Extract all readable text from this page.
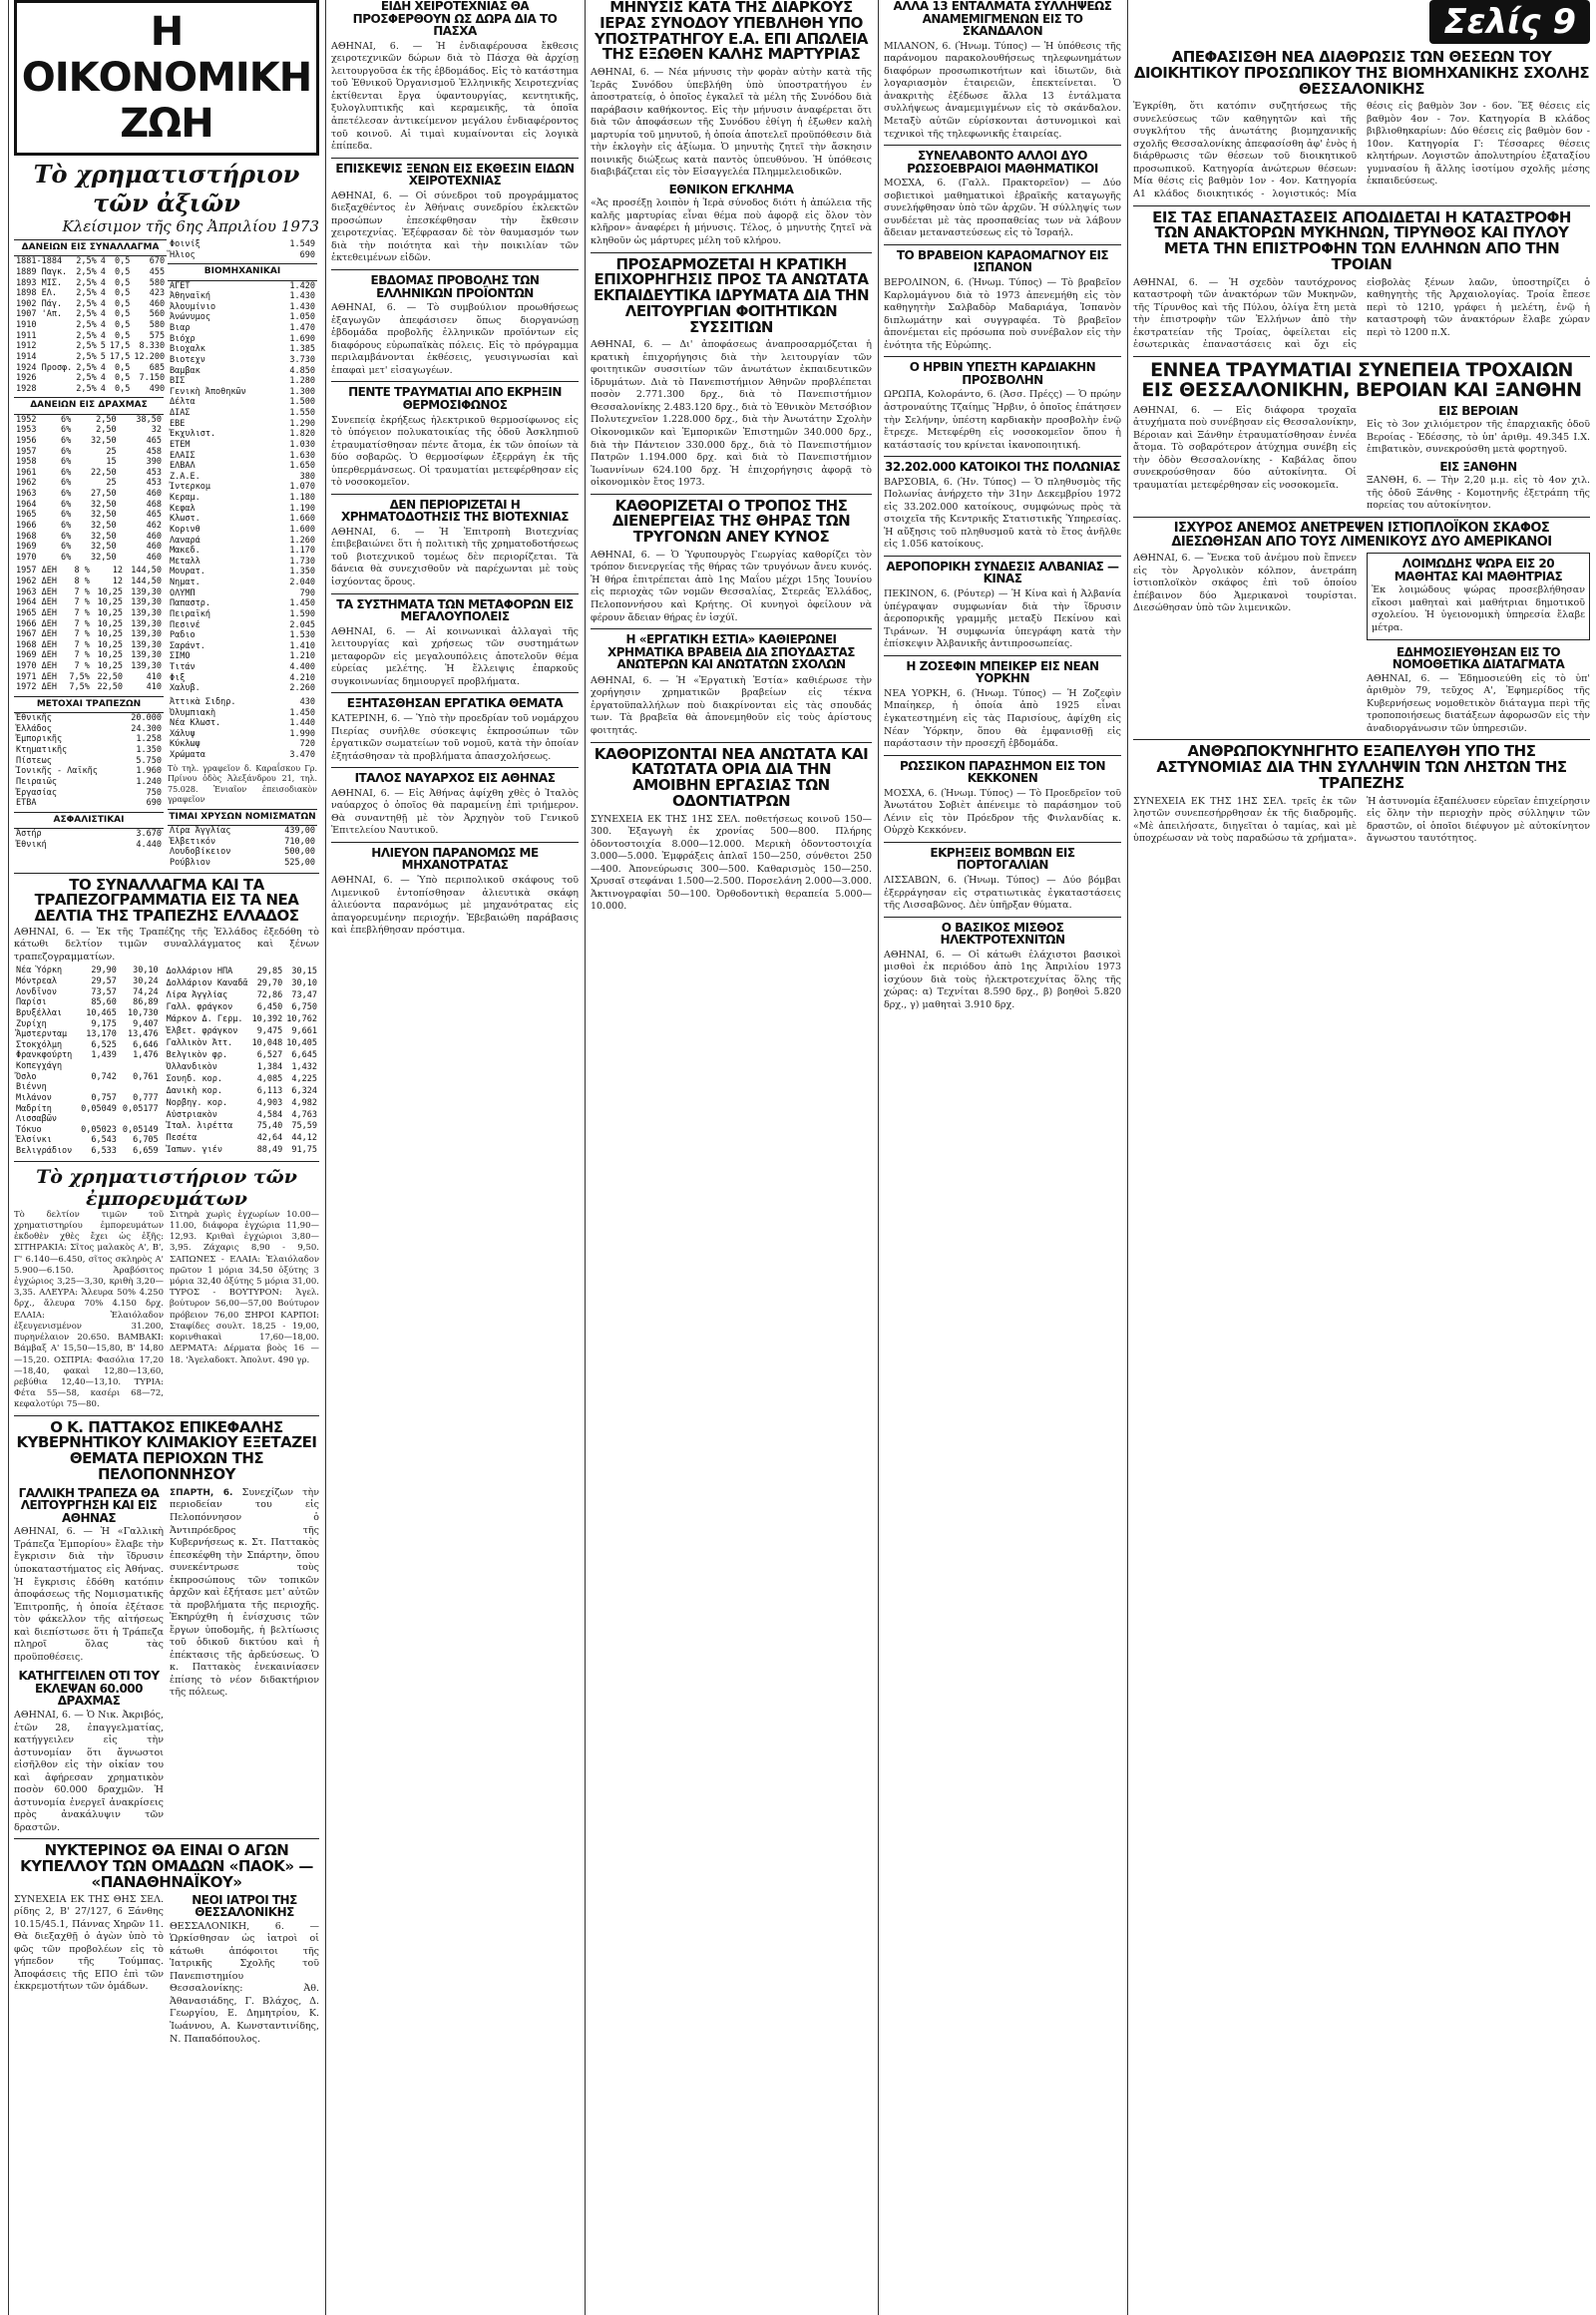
Η ΟΙΚΟΝΟΜΙΚΗ ΖΩΗ
Τὸ χρηματιστήριον τῶν ἀξιῶν
Κλείσιμον τῆς 6ης Ἀπριλίου 1973
ΔΑΝΕΙΩΝ ΕΙΣ ΣΥΝΑΛΛΑΓΜΑ				
1881-1884	2,5%	4	0,5	670
1889 Παγκ.	2,5%	4	0,5	455
1893 ΜΙΣ.	2,5%	4	0,5	580
1898 ΕΛ.	2,5%	4	0,5	423
1902 Πάγ.	2,5%	4	0,5	460
1907 'Απ.	2,5%	4	0,5	560
1910	2,5%	4	0,5	580
1911	2,5%	4	0,5	575
1912	2,5%	5	17,5	8.330
1914	2,5%	5	17,5	12.200
1924 Προσφ.	2,5%	4	0,5	685
1926	2,5%	4	0,5	7.150
1928	2,5%	4	0,5	490
ΔΑΝΕΙΩΝ ΕΙΣ ΔΡΑΧΜΑΣ			
1952	6%	2,50	38,50
1953	6%	2,50	32
1956	6%	32,50	465
1957	6%	25	458
1958	6%	15	390
1961	6%	22,50	453
1962	6%	25	453
1963	6%	27,50	460
1964	6%	32,50	468
1965	6%	32,50	465
1966	6%	32,50	462
1968	6%	32,50	460
1969	6%	32,50	460
1970	6%	32,50	460
1957 ΔΕΗ	8 %	12	144,50
1962 ΔΕΗ	8 %	12	144,50
1963 ΔΕΗ	7 %	10,25	139,30
1964 ΔΕΗ	7 %	10,25	139,30
1965 ΔΕΗ	7 %	10,25	139,30
1966 ΔΕΗ	7 %	10,25	139,30
1967 ΔΕΗ	7 %	10,25	139,30
1968 ΔΕΗ	7 %	10,25	139,30
1969 ΔΕΗ	7 %	10,25	139,30
1970 ΔΕΗ	7 %	10,25	139,30
1971 ΔΕΗ	7,5%	22,50	410
1972 ΔΕΗ	7,5%	22,50	410
ΜΕΤΟΧΑΙ ΤΡΑΠΕΖΩΝ	
Ἐθνικῆς	20.000
Ἑλλάδος	24.300
Ἐμπορικῆς	1.258
Κτηματικῆς	1.350
Πίστεως	5.750
Ἰονικῆς - Λαϊκῆς	1.960
Πειραιῶς	1.240
Ἐργασίας	750
ΕΤΒΑ	690
ΑΣΦΑΛΙΣΤΙΚΑΙ	
Ἀστήρ	3.670
Ἐθνική	4.440
Φοινίξ	1.549
Ἥλιος	690
ΒΙΟΜΗΧΑΝΙΚΑΙ	
ΑΓΕΤ	1.420
Ἀθηναϊκή	1.430
Ἀλουμίνιο	1.430
Ἀνώνυμος	1.050
Βιαρ	1.470
Βιόχρ	1.690
Βιοχαλκ	1.385
Βιοτεχν	3.730
Βαμβακ	4.850
ΒΙΣ	1.280
Γενικὴ Ἀποθηκῶν	1.300
Δέλτα	1.500
ΔΙΑΣ	1.550
ΕΒΕ	1.290
Ἐκχυλιστ.	1.820
ΕΤΕΜ	1.030
ΕΛΑΙΣ	1.630
ΕΛΒΑΛ	1.650
Ζ.Α.Ε.	380
Ἰντερκομ	1.070
Κεραμ.	1.180
Κεφαλ	1.190
Κλωστ.	1.660
Κορινθ	1.600
Λαναρά	1.260
Μακεδ.	1.170
Μεταλλ	1.730
Μουρατ.	1.350
Νηματ.	2.040
ΟΛΥΜΠ	790
Παπαστρ.	1.450
Πειραϊκή	1.590
Πεσινέ	2.045
Ραδιο	1.530
Σαράντ.	1.410
ΣΙΜΟ	1.210
Τιτάν	4.400
Φιξ	4.210
Χαλυβ.	2.260
Ἀττικὰ Σιδηρ.	430
Ὀλυμπιακὴ	1.450
Νέα Κλωστ.	1.440
Χάλυψ	1.990
Κύκλωψ	720
Χρώματα	3.470
Τὸ τηλ. γραφεῖον δ. Καραΐσκου Γρ. Πρίνου ὁδὸς Ἀλεξάνδρου 21, τηλ. 75.028. Ἐνιαῖον ἐπεισοδιακὸν γραφεῖον
ΤΙΜΑΙ ΧΡΥΣΩΝ ΝΟΜΙΣΜΑΤΩΝ	
Λίρα Ἀγγλίας	439,00
Ἑλβετικόν	710,00
Λουδοβίκειον	500,00
Ρούβλιον	525,00
ΤΟ ΣΥΝΑΛΛΑΓΜΑ ΚΑΙ ΤΑ ΤΡΑΠΕΖΟΓΡΑΜΜΑΤΙΑ ΕΙΣ ΤΑ ΝΕΑ ΔΕΛΤΙΑ ΤΗΣ ΤΡΑΠΕΖΗΣ ΕΛΛΑΔΟΣ
ΑΘΗΝΑΙ, 6. — Ἐκ τῆς Τραπέζης τῆς Ἑλλάδος ἐξεδόθη τὸ κάτωθι δελτίον τιμῶν συναλλάγματος καὶ ξένων τραπεζογραμματίων.
Νέα Ὑόρκη	29,90	30,10
Μόντρεαλ	29,57	30,24
Λονδῖνον	73,57	74,24
Παρίσι	85,60	86,89
Βρυξέλλαι	10,465	10,730
Ζυρίχη	9,175	9,407
Ἄμστερνταμ	13,170	13,476
Στοκχόλμη	6,525	6,646
Φρανκφούρτη	1,439	1,476
Κοπεγχάγη		
Ὄσλο	0,742	0,761
Βιέννη		
Μιλάνον	0,757	0,777
Μαδρίτη	0,05049	0,05177
Λισσαβῶν		
Τόκυο	0,05023	0,05149
Ἐλσίνκι	6,543	6,705
Βελιγράδιον	6,533	6,659
Δολλάριον ΗΠΑ	29,85	30,15
Δολλάριον Καναδᾶ	29,70	30,10
Λίρα Ἀγγλίας	72,86	73,47
Γαλλ. φράγκον	6,450	6,750
Μάρκον Δ. Γερμ.	10,392	10,762
Ἑλβετ. φράγκον	9,475	9,661
Γαλλικὸν Ἀττ.	10,048	10,405
Βελγικὸν φρ.	6,527	6,645
Ὀλλανδικὸν	1,384	1,432
Σουηδ. κορ.	4,085	4,225
Δανικὴ κορ.	6,113	6,324
Νορβηγ. κορ.	4,903	4,982
Αὐστριακὸν	4,584	4,763
Ἰταλ. λιρέττα	75,40	75,59
Πεσέτα	42,64	44,12
Ἰαπων. γιέν	88,49	91,75
Τὸ χρηματιστήριον τῶν ἐμπορευμάτων
Τὸ δελτίον τιμῶν τοῦ χρηματιστηρίου ἐμπορευμάτων ἐκδοθὲν χθὲς ἔχει ὡς ἑξῆς: ΣΙΤΗΡΑΚΙΑ: Σῖτος μαλακὸς Α', Β', Γ' 6.140—6.450, σῖτος σκληρὸς Α' 5.900—6.150. Ἀραβόσιτος ἐγχώριος 3,25—3,30, κριθὴ 3,20—3,35. ΑΛΕΥΡΑ: Ἄλευρα 50% 4.250 δρχ., ἄλευρα 70% 4.150 δρχ. ΕΛΑΙΑ: Ἐλαιόλαδον ἐξευγενισμένον 31.200, πυρηνέλαιον 20.650. ΒΑΜΒΑΚΙ: Βάμβαξ Α' 15,50—15,80, Β' 14,80—15,20. ΟΣΠΡΙΑ: Φασόλια 17,20—18,40, φακαὶ 12,80—13,60, ρεβύθια 12,40—13,10. ΤΥΡΙΑ: Φέτα 55—58, κασέρι 68—72, κεφαλοτύρι 75—80.
Σιτηρὰ χωρὶς ἐγχωρίων 10.00—11.00, διάφορα ἐγχώρια 11,90—12,93. Κριθαὶ ἐγχώριοι 3,80—3,95. Ζάχαρις 8,90 - 9,50. ΣΑΠΩΝΕΣ - ΕΛΑΙΑ: Ἐλαιόλαδον πρῶτον 1 μόρια 34,50 ὁξύτης 3 μόρια 32,40 ὁξύτης 5 μόρια 31,00. ΤΥΡΟΣ - ΒΟΥΤΥΡΟΝ: Ἀγελ. βούτυρον 56,00—57,00 Βούτυρον πρόβειον 76,00 ΞΗΡΟΙ ΚΑΡΠΟΙ: Σταφίδες σουλτ. 18,25 - 19,00, κορινθιακαὶ 17,60—18,00. ΔΕΡΜΑΤΑ: Δέρματα βοὸς 16 — 18. 'Ἀγελαδοκτ. Ἀπολυτ. 490 γρ.
Ο Κ. ΠΑΤΤΑΚΟΣ ΕΠΙΚΕΦΑΛΗΣ ΚΥΒΕΡΝΗΤΙΚΟΥ ΚΛΙΜΑΚΙΟΥ ΕΞΕΤΑΖΕΙ ΘΕΜΑΤΑ ΠΕΡΙΟΧΩΝ ΤΗΣ ΠΕΛΟΠΟΝΝΗΣΟΥ
ΓΑΛΛΙΚΗ ΤΡΑΠΕΖΑ ΘΑ ΛΕΙΤΟΥΡΓΗΣΗ ΚΑΙ ΕΙΣ ΑΘΗΝΑΣ
ΑΘΗΝΑΙ, 6. — Ἡ «Γαλλικὴ Τράπεζα Ἐμπορίου» ἔλαβε τὴν ἔγκρισιν διὰ τὴν ἵδρυσιν ὑποκαταστήματος εἰς Ἀθήνας. Ἡ ἔγκρισις ἐδόθη κατόπιν ἀποφάσεως τῆς Νομισματικῆς Ἐπιτροπῆς, ἡ ὁποία ἐξέτασε τὸν φάκελλον τῆς αἰτήσεως καὶ διεπίστωσε ὅτι ἡ Τράπεζα πληροῖ ὅλας τὰς προϋποθέσεις.
ΚΑΤΗΓΓΕΙΛΕΝ ΟΤΙ ΤΟΥ ΕΚΛΕΨΑΝ 60.000 ΔΡΑΧΜΑΣ
ΑΘΗΝΑΙ, 6. — Ὁ Νικ. Ἀκριβός, ἐτῶν 28, ἐπαγγελματίας, κατήγγειλεν εἰς τὴν ἀστυνομίαν ὅτι ἄγνωστοι εἰσῆλθον εἰς τὴν οἰκίαν του καὶ ἀφήρεσαν χρηματικὸν ποσὸν 60.000 δραχμῶν. Ἡ ἀστυνομία ἐνεργεῖ ἀνακρίσεις πρὸς ἀνακάλυψιν τῶν δραστῶν.
ΣΠΑΡΤΗ, 6. Συνεχίζων τὴν περιοδείαν του εἰς Πελοπόννησον ὁ Ἀντιπρόεδρος τῆς Κυβερνήσεως κ. Στ. Παττακὸς ἐπεσκέφθη τὴν Σπάρτην, ὅπου συνεκέντρωσε τοὺς ἐκπροσώπους τῶν τοπικῶν ἀρχῶν καὶ ἐξήτασε μετ' αὐτῶν τὰ προβλήματα τῆς περιοχῆς. Ἐκηρύχθη ἡ ἐνίσχυσις τῶν ἔργων ὑποδομῆς, ἡ βελτίωσις τοῦ ὁδικοῦ δικτύου καὶ ἡ ἐπέκτασις τῆς ἀρδεύσεως. Ὁ κ. Παττακὸς ἐνεκαινίασεν ἐπίσης τὸ νέον διδακτήριον τῆς πόλεως.
ΝΥΚΤΕΡΙΝΟΣ ΘΑ ΕΙΝΑΙ Ο ΑΓΩΝ ΚΥΠΕΛΛΟΥ ΤΩΝ ΟΜΑΔΩΝ «ΠΑΟΚ» — «ΠΑΝΑΘΗΝΑΪΚΟΥ»
ΣΥΝΕΧΕΙΑ ΕΚ ΤΗΣ ΘΗΣ ΣΕΛ. ρίδης 2, Β' 27/127, 6 Ξάνθης 10.15/45.1, Πάννας Χηρῶν 11. Θὰ διεξαχθῇ ὁ ἀγὼν ὑπὸ τὸ φῶς τῶν προβολέων εἰς τὸ γήπεδον τῆς Τούμπας. Ἀποφάσεις τῆς ΕΠΟ ἐπὶ τῶν ἐκκρεμοτήτων τῶν ὁμάδων.
ΝΕΟΙ ΙΑΤΡΟΙ ΤΗΣ ΘΕΣΣΑΛΟΝΙΚΗΣ
ΘΕΣΣΑΛΟΝΙΚΗ, 6. — Ὡρκίσθησαν ὡς ἰατροὶ οἱ κάτωθι ἀπόφοιτοι τῆς Ἰατρικῆς Σχολῆς τοῦ Πανεπιστημίου Θεσσαλονίκης: Ἀθ. Ἀθανασιάδης, Γ. Βλάχος, Δ. Γεωργίου, Ε. Δημητρίου, Κ. Ἰωάννου, Α. Κωνσταντινίδης, Ν. Παπαδόπουλος.
ΕΙΔΗ ΧΕΙΡΟΤΕΧΝΙΑΣ ΘΑ ΠΡΟΣΦΕΡΘΟΥΝ ΩΣ ΔΩΡΑ ΔΙΑ ΤΟ ΠΑΣΧΑ
ΑΘΗΝΑΙ, 6. — Ἡ ἐνδιαφέρουσα ἔκθεσις χειροτεχνικῶν δώρων διὰ τὸ Πάσχα θὰ ἀρχίσῃ λειτουργοῦσα ἐκ τῆς ἑβδομάδος. Εἰς τὸ κατάστημα τοῦ Ἐθνικοῦ Ὀργανισμοῦ Ἑλληνικῆς Χειροτεχνίας ἐκτίθενται ἔργα ὑφαντουργίας, κεντητικῆς, ξυλογλυπτικῆς καὶ κεραμεικῆς, τὰ ὁποῖα ἀπετέλεσαν ἀντικείμενον μεγάλου ἐνδιαφέροντος τοῦ κοινοῦ. Αἱ τιμαὶ κυμαίνονται εἰς λογικὰ ἐπίπεδα.
ΕΠΙΣΚΕΨΙΣ ΞΕΝΩΝ ΕΙΣ ΕΚΘΕΣΙΝ ΕΙΔΩΝ ΧΕΙΡΟΤΕΧΝΙΑΣ
ΑΘΗΝΑΙ, 6. — Οἱ σύνεδροι τοῦ προγράμματος διεξαχθέντος ἐν Ἀθήναις συνεδρίου ἐκλεκτῶν προσώπων ἐπεσκέφθησαν τὴν ἔκθεσιν χειροτεχνίας. Ἐξέφρασαν δὲ τὸν θαυμασμόν των διὰ τὴν ποιότητα καὶ τὴν ποικιλίαν τῶν ἐκτεθειμένων εἰδῶν.
ΕΒΔΟΜΑΣ ΠΡΟΒΟΛΗΣ ΤΩΝ ΕΛΛΗΝΙΚΩΝ ΠΡΟΪΟΝΤΩΝ
ΑΘΗΝΑΙ, 6. — Τὸ συμβούλιον προωθήσεως ἐξαγωγῶν ἀπεφάσισεν ὅπως διοργανώσῃ ἑβδομάδα προβολῆς ἑλληνικῶν προϊόντων εἰς διαφόρους εὐρωπαϊκὰς πόλεις. Εἰς τὸ πρόγραμμα περιλαμβάνονται ἐκθέσεις, γευσιγνωσίαι καὶ ἐπαφαὶ μετ' εἰσαγωγέων.
ΠΕΝΤΕ ΤΡΑΥΜΑΤΙΑΙ ΑΠΟ ΕΚΡΗΞΙΝ ΘΕΡΜΟΣΙΦΩΝΟΣ
Συνεπείᾳ ἐκρήξεως ἠλεκτρικοῦ θερμοσίφωνος εἰς τὸ ὑπόγειον πολυκατοικίας τῆς ὁδοῦ Ἀσκληπιοῦ ἐτραυματίσθησαν πέντε ἄτομα, ἐκ τῶν ὁποίων τὰ δύο σοβαρῶς. Ὁ θερμοσίφων ἐξερράγη ἐκ τῆς ὑπερθερμάνσεως. Οἱ τραυματίαι μετεφέρθησαν εἰς τὸ νοσοκομεῖον.
ΔΕΝ ΠΕΡΙΟΡΙΖΕΤΑΙ Η ΧΡΗΜΑΤΟΔΟΤΗΣΙΣ ΤΗΣ ΒΙΟΤΕΧΝΙΑΣ
ΑΘΗΝΑΙ, 6. — Ἡ Ἐπιτροπὴ Βιοτεχνίας ἐπιβεβαιώνει ὅτι ἡ πολιτικὴ τῆς χρηματοδοτήσεως τοῦ βιοτεχνικοῦ τομέως δὲν περιορίζεται. Τὰ δάνεια θὰ συνεχισθοῦν νὰ παρέχωνται μὲ τοὺς ἰσχύοντας ὅρους.
ΤΑ ΣΥΣΤΗΜΑΤΑ ΤΩΝ ΜΕΤΑΦΟΡΩΝ ΕΙΣ ΜΕΓΑΛΟΥΠΟΛΕΙΣ
ΑΘΗΝΑΙ, 6. — Αἱ κοινωνικαὶ ἀλλαγαὶ τῆς λειτουργίας καὶ χρήσεως τῶν συστημάτων μεταφορῶν εἰς μεγαλουπόλεις ἀποτελοῦν θέμα εὐρείας μελέτης. Ἡ ἔλλειψις ἐπαρκοῦς συγκοινωνίας δημιουργεῖ προβλήματα.
ΕΞΗΤΑΣΘΗΣΑΝ ΕΡΓΑΤΙΚΑ ΘΕΜΑΤΑ
ΚΑΤΕΡΙΝΗ, 6. — Ὑπὸ τὴν προεδρίαν τοῦ νομάρχου Πιερίας συνῆλθε σύσκεψις ἐκπροσώπων τῶν ἐργατικῶν σωματείων τοῦ νομοῦ, κατὰ τὴν ὁποίαν ἐξητάσθησαν τὰ προβλήματα ἀπασχολήσεως.
ΙΤΑΛΟΣ ΝΑΥΑΡΧΟΣ ΕΙΣ ΑΘΗΝΑΣ
ΑΘΗΝΑΙ, 6. — Εἰς Ἀθήνας ἀφίχθη χθὲς ὁ Ἰταλὸς ναύαρχος ὁ ὁποῖος θὰ παραμείνῃ ἐπὶ τριήμερον. Θὰ συναντηθῇ μὲ τὸν Ἀρχηγὸν τοῦ Γενικοῦ Ἐπιτελείου Ναυτικοῦ.
ΗΛΙΕΥΟΝ ΠΑΡΑΝΟΜΩΣ ΜΕ ΜΗΧΑΝΟΤΡΑΤΑΣ
ΑΘΗΝΑΙ, 6. — Ὑπὸ περιπολικοῦ σκάφους τοῦ Λιμενικοῦ ἐντοπίσθησαν ἁλιευτικὰ σκάφη ἁλιεύοντα παρανόμως μὲ μηχανότρατας εἰς ἀπαγορευμένην περιοχήν. Ἐβεβαιώθη παράβασις καὶ ἐπεβλήθησαν πρόστιμα.
ΜΗΝΥΣΙΣ ΚΑΤΑ ΤΗΣ ΔΙΑΡΚΟΥΣ ΙΕΡΑΣ ΣΥΝΟΔΟΥ ΥΠΕΒΛΗΘΗ ΥΠΟ ΥΠΟΣΤΡΑΤΗΓΟΥ Ε.Α. ΕΠΙ ΑΠΩΛΕΙΑ ΤΗΣ ΕΞΩΘΕΝ ΚΑΛΗΣ ΜΑΡΤΥΡΙΑΣ
ΑΘΗΝΑΙ, 6. — Νέα μήνυσις τὴν φορὰν αὐτὴν κατὰ τῆς Ἱερᾶς Συνόδου ὑπεβλήθη ὑπὸ ὑποστρατήγου ἐν ἀποστρατείᾳ, ὁ ὁποῖος ἐγκαλεῖ τὰ μέλη τῆς Συνόδου διὰ παράβασιν καθήκοντος. Εἰς τὴν μήνυσιν ἀναφέρεται ὅτι διὰ τῶν ἀποφάσεων τῆς Συνόδου ἐθίγη ἡ ἐξωθεν καλὴ μαρτυρία τοῦ μηνυτοῦ, ἡ ὁποία ἀποτελεῖ προϋπόθεσιν διὰ τὴν ἐκλογὴν εἰς ἀξίωμα. Ὁ μηνυτὴς ζητεῖ τὴν ἄσκησιν ποινικῆς διώξεως κατὰ παντὸς ὑπευθύνου. Ἡ ὑπόθεσις διαβιβάζεται εἰς τὸν Εἰσαγγελέα Πλημμελειοδικῶν.
ΕΘΝΙΚΟΝ ΕΓΚΛΗΜΑ
«Ἀς προσέξῃ λοιπὸν ἡ Ἱερὰ σύνοδος διότι ἡ ἀπώλεια τῆς καλῆς μαρτυρίας εἶναι θέμα ποὺ ἀφορᾷ εἰς ὅλον τὸν κλῆρον» ἀναφέρει ἡ μήνυσις. Τέλος, ὁ μηνυτὴς ζητεῖ νὰ κληθοῦν ὡς μάρτυρες μέλη τοῦ κλήρου.
ΠΡΟΣΑΡΜΟΖΕΤΑΙ Η ΚΡΑΤΙΚΗ ΕΠΙΧΟΡΗΓΗΣΙΣ ΠΡΟΣ ΤΑ ΑΝΩΤΑΤΑ ΕΚΠΑΙΔΕΥΤΙΚΑ ΙΔΡΥΜΑΤΑ ΔΙΑ ΤΗΝ ΛΕΙΤΟΥΡΓΙΑΝ ΦΟΙΤΗΤΙΚΩΝ ΣΥΣΣΙΤΙΩΝ
ΑΘΗΝΑΙ, 6. — Δι' ἀποφάσεως ἀναπροσαρμόζεται ἡ κρατικὴ ἐπιχορήγησις διὰ τὴν λειτουργίαν τῶν φοιτητικῶν συσσιτίων τῶν ἀνωτάτων ἐκπαιδευτικῶν ἱδρυμάτων. Διὰ τὸ Πανεπιστήμιον Ἀθηνῶν προβλέπεται ποσὸν 2.771.300 δρχ., διὰ τὸ Πανεπιστήμιον Θεσσαλονίκης 2.483.120 δρχ., διὰ τὸ Ἐθνικὸν Μετσόβιον Πολυτεχνεῖον 1.228.000 δρχ., διὰ τὴν Ἀνωτάτην Σχολὴν Οἰκονομικῶν καὶ Ἐμπορικῶν Ἐπιστημῶν 340.000 δρχ., διὰ τὴν Πάντειον 330.000 δρχ., διὰ τὸ Πανεπιστήμιον Πατρῶν 1.194.000 δρχ. καὶ διὰ τὸ Πανεπιστήμιον Ἰωαννίνων 624.100 δρχ. Ἡ ἐπιχορήγησις ἀφορᾷ τὸ οἰκονομικὸν ἔτος 1973.
ΚΑΘΟΡΙΖΕΤΑΙ Ο ΤΡΟΠΟΣ ΤΗΣ ΔΙΕΝΕΡΓΕΙΑΣ ΤΗΣ ΘΗΡΑΣ ΤΩΝ ΤΡΥΓΟΝΩΝ ΑΝΕΥ ΚΥΝΟΣ
ΑΘΗΝΑΙ, 6. — Ὁ Ὑφυπουργὸς Γεωργίας καθορίζει τὸν τρόπον διενεργείας τῆς θήρας τῶν τρυγόνων ἄνευ κυνός. Ἡ θήρα ἐπιτρέπεται ἀπὸ 1ης Μαΐου μέχρι 15ης Ἰουνίου εἰς περιοχὰς τῶν νομῶν Θεσσαλίας, Στερεᾶς Ἑλλάδος, Πελοποννήσου καὶ Κρήτης. Οἱ κυνηγοὶ ὀφείλουν νὰ φέρουν ἄδειαν θήρας ἐν ἰσχύϊ.
Η «ΕΡΓΑΤΙΚΗ ΕΣΤΙΑ» ΚΑΘΙΕΡΩΝΕΙ ΧΡΗΜΑΤΙΚΑ ΒΡΑΒΕΙΑ ΔΙΑ ΣΠΟΥΔΑΣΤΑΣ ΑΝΩΤΕΡΩΝ ΚΑΙ ΑΝΩΤΑΤΩΝ ΣΧΟΛΩΝ
ΑΘΗΝΑΙ, 6. — Ἡ «Ἐργατικὴ Ἑστία» καθιέρωσε τὴν χορήγησιν χρηματικῶν βραβείων εἰς τέκνα ἐργατοϋπαλλήλων ποὺ διακρίνονται εἰς τὰς σπουδάς των. Τὰ βραβεῖα θὰ ἀπονεμηθοῦν εἰς τοὺς ἀρίστους φοιτητάς.
ΚΑΘΟΡΙΖΟΝΤΑΙ ΝΕΑ ΑΝΩΤΑΤΑ ΚΑΙ ΚΑΤΩΤΑΤΑ ΟΡΙΑ ΔΙΑ ΤΗΝ ΑΜΟΙΒΗΝ ΕΡΓΑΣΙΑΣ ΤΩΝ ΟΔΟΝΤΙΑΤΡΩΝ
ΣΥΝΕΧΕΙΑ ΕΚ ΤΗΣ 1ΗΣ ΣΕΛ. ποθετήσεως κοινοῦ 150—300. Ἐξαγωγὴ ἐκ χρονίας 500—800. Πλήρης ὀδοντοστοιχία 8.000—12.000. Μερικὴ ὀδοντοστοιχία 3.000—5.000. Ἐμφράξεις ἀπλαῖ 150—250, σύνθετοι 250—400. Ἀπονεύρωσις 300—500. Καθαρισμὸς 150—250. Χρυσαῖ στεφάναι 1.500—2.500. Πορσελάνη 2.000—3.000. Ἀκτινογραφίαι 50—100. Ὀρθοδοντικὴ θεραπεία 5.000—10.000.
ΑΛΛΑ 13 ΕΝΤΑΛΜΑΤΑ ΣΥΛΛΗΨΕΩΣ ΑΝΑΜΕΜΙΓΜΕΝΩΝ ΕΙΣ ΤΟ ΣΚΑΝΔΑΛΟΝ
ΜΙΛΑΝΟΝ, 6. (Ἠνωμ. Τύπος) — Ἡ ὑπόθεσις τῆς παράνομου παρακολουθήσεως τηλεφωνημάτων διαφόρων προσωπικοτήτων καὶ ἰδιωτῶν, διὰ λογαριασμὸν ἐταιρειῶν, ἐπεκτείνεται. Ὁ ἀνακριτὴς ἐξέδωσε ἄλλα 13 ἐντάλματα συλλήψεως ἀναμεμιγμένων εἰς τὸ σκάνδαλον. Μεταξὺ αὐτῶν εὑρίσκονται ἀστυνομικοὶ καὶ τεχνικοὶ τῆς τηλεφωνικῆς ἐταιρείας.
ΣΥΝΕΛΑΒΟΝΤΟ ΑΛΛΟΙ ΔΥΟ ΡΩΣΣΟΕΒΡΑΙΟΙ ΜΑΘΗΜΑΤΙΚΟΙ
ΜΟΣΧΑ, 6. (Γαλλ. Πρακτορεῖον) — Δύο σοβιετικοὶ μαθηματικοὶ ἑβραϊκῆς καταγωγῆς συνελήφθησαν ὑπὸ τῶν ἀρχῶν. Ἡ σύλληψίς των συνδέεται μὲ τὰς προσπαθείας των νὰ λάβουν ἄδειαν μεταναστεύσεως εἰς τὸ Ἰσραήλ.
ΤΟ ΒΡΑΒΕΙΟΝ ΚΑΡΑΟΜΑΓΝΟΥ ΕΙΣ ΙΣΠΑΝΟΝ
ΒΕΡΟΛΙΝΟΝ, 6. (Ἠνωμ. Τύπος) — Τὸ βραβεῖον Καρλομάγνου διὰ τὸ 1973 ἀπενεμήθη εἰς τὸν καθηγητὴν Σαλβαδὸρ Μαδαριάγα, Ἱσπανὸν διπλωμάτην καὶ συγγραφέα. Τὸ βραβεῖον ἀπονέμεται εἰς πρόσωπα ποὺ συνέβαλον εἰς τὴν ἑνότητα τῆς Εὐρώπης.
Ο ΗΡΒΙΝ ΥΠΕΣΤΗ ΚΑΡΔΙΑΚΗΝ ΠΡΟΣΒΟΛΗΝ
ΩΡΩΠΑ, Κολοράντο, 6. (Ἀσσ. Πρέςς) — Ὁ πρώην ἀστροναύτης Τζαίημς Ἤρβιν, ὁ ὁποῖος ἐπάτησεν τὴν Σελήνην, ὑπέστη καρδιακὴν προσβολὴν ἐνῷ ἔτρεχε. Μετεφέρθη εἰς νοσοκομεῖον ὅπου ἡ κατάστασίς του κρίνεται ἱκανοποιητική.
32.202.000 ΚΑΤΟΙΚΟΙ ΤΗΣ ΠΟΛΩΝΙΑΣ
ΒΑΡΣΟΒΙΑ, 6. (Ἠν. Τύπος) — Ὁ πληθυσμὸς τῆς Πολωνίας ἀνήρχετο τὴν 31ην Δεκεμβρίου 1972 εἰς 33.202.000 κατοίκους, συμφώνως πρὸς τὰ στοιχεῖα τῆς Κεντρικῆς Στατιστικῆς Ὑπηρεσίας. Ἡ αὔξησις τοῦ πληθυσμοῦ κατὰ τὸ ἔτος ἀνῆλθε εἰς 1.056 κατοίκους.
ΑΕΡΟΠΟΡΙΚΗ ΣΥΝΔΕΣΙΣ ΑΛΒΑΝΙΑΣ — ΚΙΝΑΣ
ΠΕΚΙΝΟΝ, 6. (Ρόυτερ) — Ἡ Κίνα καὶ ἡ Ἀλβανία ὑπέγραψαν συμφωνίαν διὰ τὴν ἵδρυσιν ἀεροπορικῆς γραμμῆς μεταξὺ Πεκίνου καὶ Τιράνων. Ἡ συμφωνία ὑπεγράφη κατὰ τὴν ἐπίσκεψιν Ἀλβανικῆς ἀντιπροσωπείας.
Η ΖΟΣΕΦΙΝ ΜΠΕΙΚΕΡ ΕΙΣ ΝΕΑΝ ΥΟΡΚΗΝ
ΝΕΑ ΥΟΡΚΗ, 6. (Ἠνωμ. Τύπος) — Ἡ Ζοζεφὶν Μπαίηκερ, ἡ ὁποία ἀπὸ 1925 εἶναι ἐγκατεστημένη εἰς τὰς Παρισίους, ἀφίχθη εἰς Νέαν Ὑόρκην, ὅπου θὰ ἐμφανισθῇ εἰς παράστασιν τὴν προσεχῆ ἑβδομάδα.
ΡΩΣΣΙΚΟΝ ΠΑΡΑΣΗΜΟΝ ΕΙΣ ΤΟΝ ΚΕΚΚΟΝΕΝ
ΜΟΣΧΑ, 6. (Ἠνωμ. Τύπος) — Τὸ Προεδρεῖον τοῦ Ἀνωτάτου Σοβιὲτ ἀπένειμε τὸ παράσημον τοῦ Λένιν εἰς τὸν Πρόεδρον τῆς Φινλανδίας κ. Οὐρχὸ Κεκκόνεν.
ΕΚΡΗΞΕΙΣ ΒΟΜΒΩΝ ΕΙΣ ΠΟΡΤΟΓΑΛΙΑΝ
ΛΙΣΣΑΒΩΝ, 6. (Ἠνωμ. Τύπος) — Δύο βόμβαι ἐξερράγησαν εἰς στρατιωτικὰς ἐγκαταστάσεις τῆς Λισσαβῶνος. Δὲν ὑπῆρξαν θύματα.
Ο ΒΑΣΙΚΟΣ ΜΙΣΘΟΣ ΗΛΕΚΤΡΟΤΕΧΝΙΤΩΝ
ΑΘΗΝΑΙ, 6. — Οἱ κάτωθι ἐλάχιστοι βασικοὶ μισθοὶ ἐκ περιόδου ἀπὸ 1ης Ἀπριλίου 1973 ἰσχύουν διὰ τοὺς ἠλεκτροτεχνίτας ὅλης τῆς χώρας: α) Τεχνίται 8.590 δρχ., β) βοηθοὶ 5.820 δρχ., γ) μαθηταὶ 3.910 δρχ.
Σελίς 9
ΑΠΕΦΑΣΙΣΘΗ ΝΕΑ ΔΙΑΘΡΩΣΙΣ ΤΩΝ ΘΕΣΕΩΝ ΤΟΥ ΔΙΟΙΚΗΤΙΚΟΥ ΠΡΟΣΩΠΙΚΟΥ ΤΗΣ ΒΙΟΜΗΧΑΝΙΚΗΣ ΣΧΟΛΗΣ ΘΕΣΣΑΛΟΝΙΚΗΣ
Ἐγκρίθη, ὅτι κατόπιν συζητήσεως τῆς συνελεύσεως τῶν καθηγητῶν καὶ τῆς συγκλήτου τῆς ἀνωτάτης βιομηχανικῆς σχολῆς Θεσσαλονίκης ἀπεφασίσθη ἀφ' ἑνὸς ἡ διάρθρωσις τῶν θέσεων τοῦ διοικητικοῦ προσωπικοῦ. Κατηγορία ἀνώτερων θέσεων: Μία θέσις εἰς βαθμὸν 1ον - 4ον. Κατηγορία Α1 κλάδος διοικητικός - λογιστικός: Μία θέσις εἰς βαθμὸν 3ον - 6ον. Ἕξ θέσεις εἰς βαθμὸν 4ον - 7ον. Κατηγορία Β κλάδος βιβλιοθηκαρίων: Δύο θέσεις εἰς βαθμὸν 6ον - 10ον. Κατηγορία Γ: Τέσσαρες θέσεις κλητήρων. Λογιστῶν ἀπολυτηρίου ἐξαταξίου γυμνασίου ἢ ἄλλης ἰσοτίμου σχολῆς μέσης ἐκπαιδεύσεως.
ΕΙΣ ΤΑΣ ΕΠΑΝΑΣΤΑΣΕΙΣ ΑΠΟΔΙΔΕΤΑΙ Η ΚΑΤΑΣΤΡΟΦΗ ΤΩΝ ΑΝΑΚΤΟΡΩΝ ΜΥΚΗΝΩΝ, ΤΙΡΥΝΘΟΣ ΚΑΙ ΠΥΛΟΥ ΜΕΤΑ ΤΗΝ ΕΠΙΣΤΡΟΦΗΝ ΤΩΝ ΕΛΛΗΝΩΝ ΑΠΟ ΤΗΝ ΤΡΟΙΑΝ
ΑΘΗΝΑΙ, 6. — Ἡ σχεδὸν ταυτόχρονος καταστροφὴ τῶν ἀνακτόρων τῶν Μυκηνῶν, τῆς Τίρυνθος καὶ τῆς Πύλου, ὀλίγα ἔτη μετὰ τὴν ἐπιστροφὴν τῶν Ἑλλήνων ἀπὸ τὴν ἐκστρατείαν τῆς Τροίας, ὀφείλεται εἰς ἐσωτερικὰς ἐπαναστάσεις καὶ ὄχι εἰς εἰσβολὰς ξένων λαῶν, ὑποστηρίζει ὁ καθηγητὴς τῆς Ἀρχαιολογίας. Τροία ἔπεσε περὶ τὸ 1210, γράφει ἡ μελέτη, ἐνῷ ἡ καταστροφὴ τῶν ἀνακτόρων ἔλαβε χώραν περὶ τὸ 1200 π.Χ.
ΕΝΝΕΑ ΤΡΑΥΜΑΤΙΑΙ ΣΥΝΕΠΕΙΑ ΤΡΟΧΑΙΩΝ ΕΙΣ ΘΕΣΣΑΛΟΝΙΚΗΝ, ΒΕΡΟΙΑΝ ΚΑΙ ΞΑΝΘΗΝ
ΑΘΗΝΑΙ, 6. — Εἰς διάφορα τροχαῖα ἀτυχήματα ποὺ συνέβησαν εἰς Θεσσαλονίκην, Βέροιαν καὶ Ξάνθην ἐτραυματίσθησαν ἐννέα ἄτομα. Τὸ σοβαρότερον ἀτύχημα συνέβη εἰς τὴν ὁδὸν Θεσσαλονίκης - Καβάλας ὅπου συνεκρούσθησαν δύο αὐτοκίνητα. Οἱ τραυματίαι μετεφέρθησαν εἰς νοσοκομεῖα.
ΕΙΣ ΒΕΡΟΙΑΝ
Εἰς τὸ 3ον χιλιόμετρον τῆς ἐπαρχιακῆς ὁδοῦ Βεροίας - Ἐδέσσης, τὸ ὑπ' ἀριθμ. 49.345 Ι.Χ. ἐπιβατικὸν, συνεκρούσθη μετὰ φορτηγοῦ.
ΕΙΣ ΞΑΝΘΗΝ
ΞΑΝΘΗ, 6. — Τὴν 2,20 μ.μ. εἰς τὸ 4ον χιλ. τῆς ὁδοῦ Ξάνθης - Κομοτηνῆς ἐξετράπη τῆς πορείας του αὐτοκίνητον.
ΙΣΧΥΡΟΣ ΑΝΕΜΟΣ ΑΝΕΤΡΕΨΕΝ ΙΣΤΙΟΠΛΟΪΚΟΝ ΣΚΑΦΟΣ ΔΙΕΣΩΘΗΣΑΝ ΑΠΟ ΤΟΥΣ ΛΙΜΕΝΙΚΟΥΣ ΔΥΟ ΑΜΕΡΙΚΑΝΟΙ
ΑΘΗΝΑΙ, 6. — Ἕνεκα τοῦ ἀνέμου ποὺ ἔπνεεν εἰς τὸν Ἀργολικὸν κόλπον, ἀνετράπη ἱστιοπλοϊκὸν σκάφος ἐπὶ τοῦ ὁποίου ἐπέβαινον δύο Ἀμερικανοὶ τουρίσται. Διεσώθησαν ὑπὸ τῶν λιμενικῶν.
ΛΟΙΜΩΔΗΣ ΨΩΡΑ ΕΙΣ 20 ΜΑΘΗΤΑΣ ΚΑΙ ΜΑΘΗΤΡΙΑΣ
Ἐκ λοιμώδους ψώρας προσεβλήθησαν εἴκοσι μαθηταὶ καὶ μαθήτριαι δημοτικοῦ σχολείου. Ἡ ὑγειονομικὴ ὑπηρεσία ἔλαβε μέτρα.
ΕΔΗΜΟΣΙΕΥΘΗΣΑΝ ΕΙΣ ΤΟ ΝΟΜΟΘΕΤΙΚΑ ΔΙΑΤΑΓΜΑΤΑ
ΑΘΗΝΑΙ, 6. — Ἐδημοσιεύθη εἰς τὸ ὑπ' ἀριθμὸν 79, τεῦχος Α', Ἐφημερίδος τῆς Κυβερνήσεως νομοθετικὸν διάταγμα περὶ τῆς τροποποιήσεως διατάξεων ἀφορωσῶν εἰς τὴν ἀναδιοργάνωσιν τῶν ὑπηρεσιῶν.
ΑΝΘΡΩΠΟΚΥΝΗΓΗΤΟ ΕΞΑΠΕΛΥΘΗ ΥΠΟ ΤΗΣ ΑΣΤΥΝΟΜΙΑΣ ΔΙΑ ΤΗΝ ΣΥΛΛΗΨΙΝ ΤΩΝ ΛΗΣΤΩΝ ΤΗΣ ΤΡΑΠΕΖΗΣ
ΣΥΝΕΧΕΙΑ ΕΚ ΤΗΣ 1ΗΣ ΣΕΛ. τρεῖς ἐκ τῶν ληστῶν συνεπεσήρρθησαν ἐκ τῆς διαδρομῆς. «Μὲ ἀπειλήσατε, διηγεῖται ὁ ταμίας, καὶ μὲ ὑποχρέωσαν νὰ τοὺς παραδώσω τὰ χρήματα». Ἡ ἀστυνομία ἐξαπέλυσεν εὐρεῖαν ἐπιχείρησιν εἰς ὅλην τὴν περιοχὴν πρὸς σύλληψιν τῶν δραστῶν, οἱ ὁποῖοι διέφυγον μὲ αὐτοκίνητον ἄγνωστου ταυτότητος.
